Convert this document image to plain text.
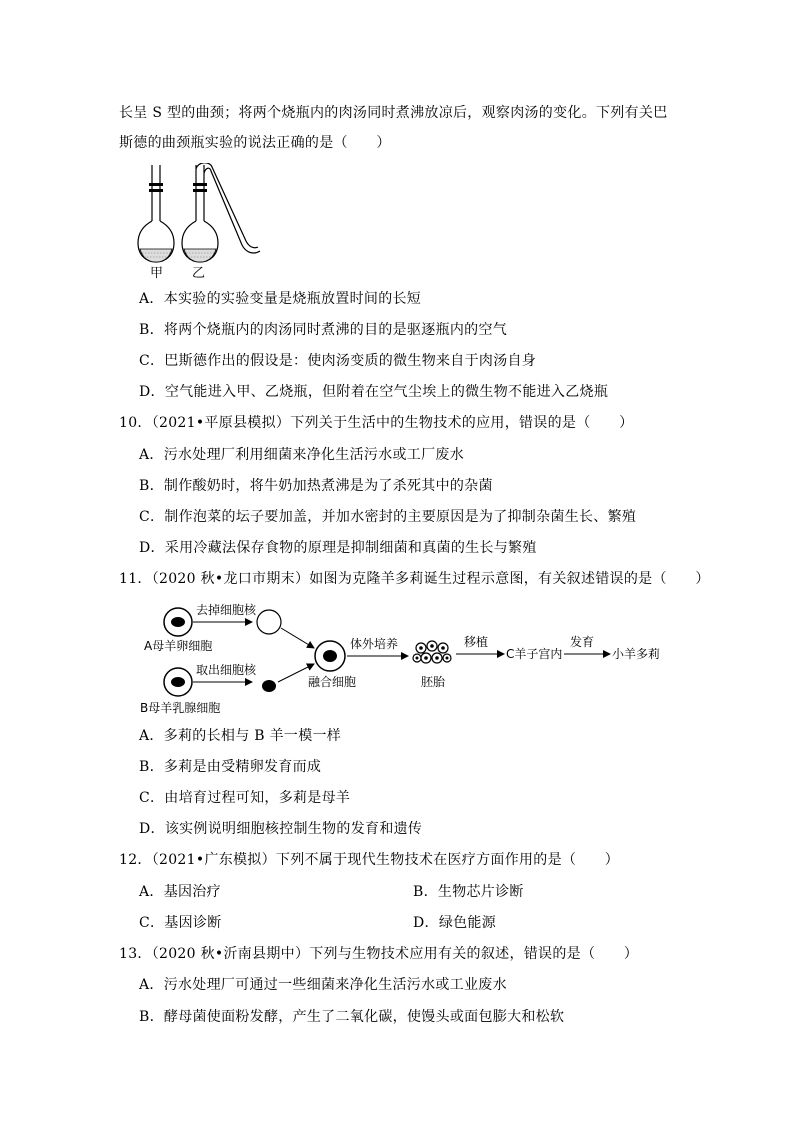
长呈 S 型的曲颈；将两个烧瓶内的肉汤同时煮沸放凉后，观察肉汤的变化。下列有关巴
斯德的曲颈瓶实验的说法正确的是（　　）
甲 乙
A．本实验的实验变量是烧瓶放置时间的长短
B．将两个烧瓶内的肉汤同时煮沸的目的是驱逐瓶内的空气
C．巴斯德作出的假设是：使肉汤变质的微生物来自于肉汤自身
D．空气能进入甲、乙烧瓶，但附着在空气尘埃上的微生物不能进入乙烧瓶
10．（2021•平原县模拟）下列关于生活中的生物技术的应用，错误的是（　　）
A．污水处理厂利用细菌来净化生活污水或工厂废水
B．制作酸奶时，将牛奶加热煮沸是为了杀死其中的杂菌
C．制作泡菜的坛子要加盖，并加水密封的主要原因是为了抑制杂菌生长、繁殖
D．采用冷藏法保存食物的原理是抑制细菌和真菌的生长与繁殖
11．（2020 秋•龙口市期末）如图为克隆羊多莉诞生过程示意图，有关叙述错误的是（　　）
去掉细胞核
A母羊卵细胞
取出细胞核
B母羊乳腺细胞
融合细胞
体外培养
胚胎
移植
C羊子宫内
发育
小羊多莉
A．多莉的长相与 B 羊一模一样
B．多莉是由受精卵发育而成
C．由培育过程可知，多莉是母羊
D．该实例说明细胞核控制生物的发育和遗传
12．（2021•广东模拟）下列不属于现代生物技术在医疗方面作用的是（　　）
A．基因治疗	B．生物芯片诊断
C．基因诊断	D．绿色能源
13．（2020 秋•沂南县期中）下列与生物技术应用有关的叙述，错误的是（　　）
A．污水处理厂可通过一些细菌来净化生活污水或工业废水
B．酵母菌使面粉发酵，产生了二氧化碳，使馒头或面包膨大和松软
